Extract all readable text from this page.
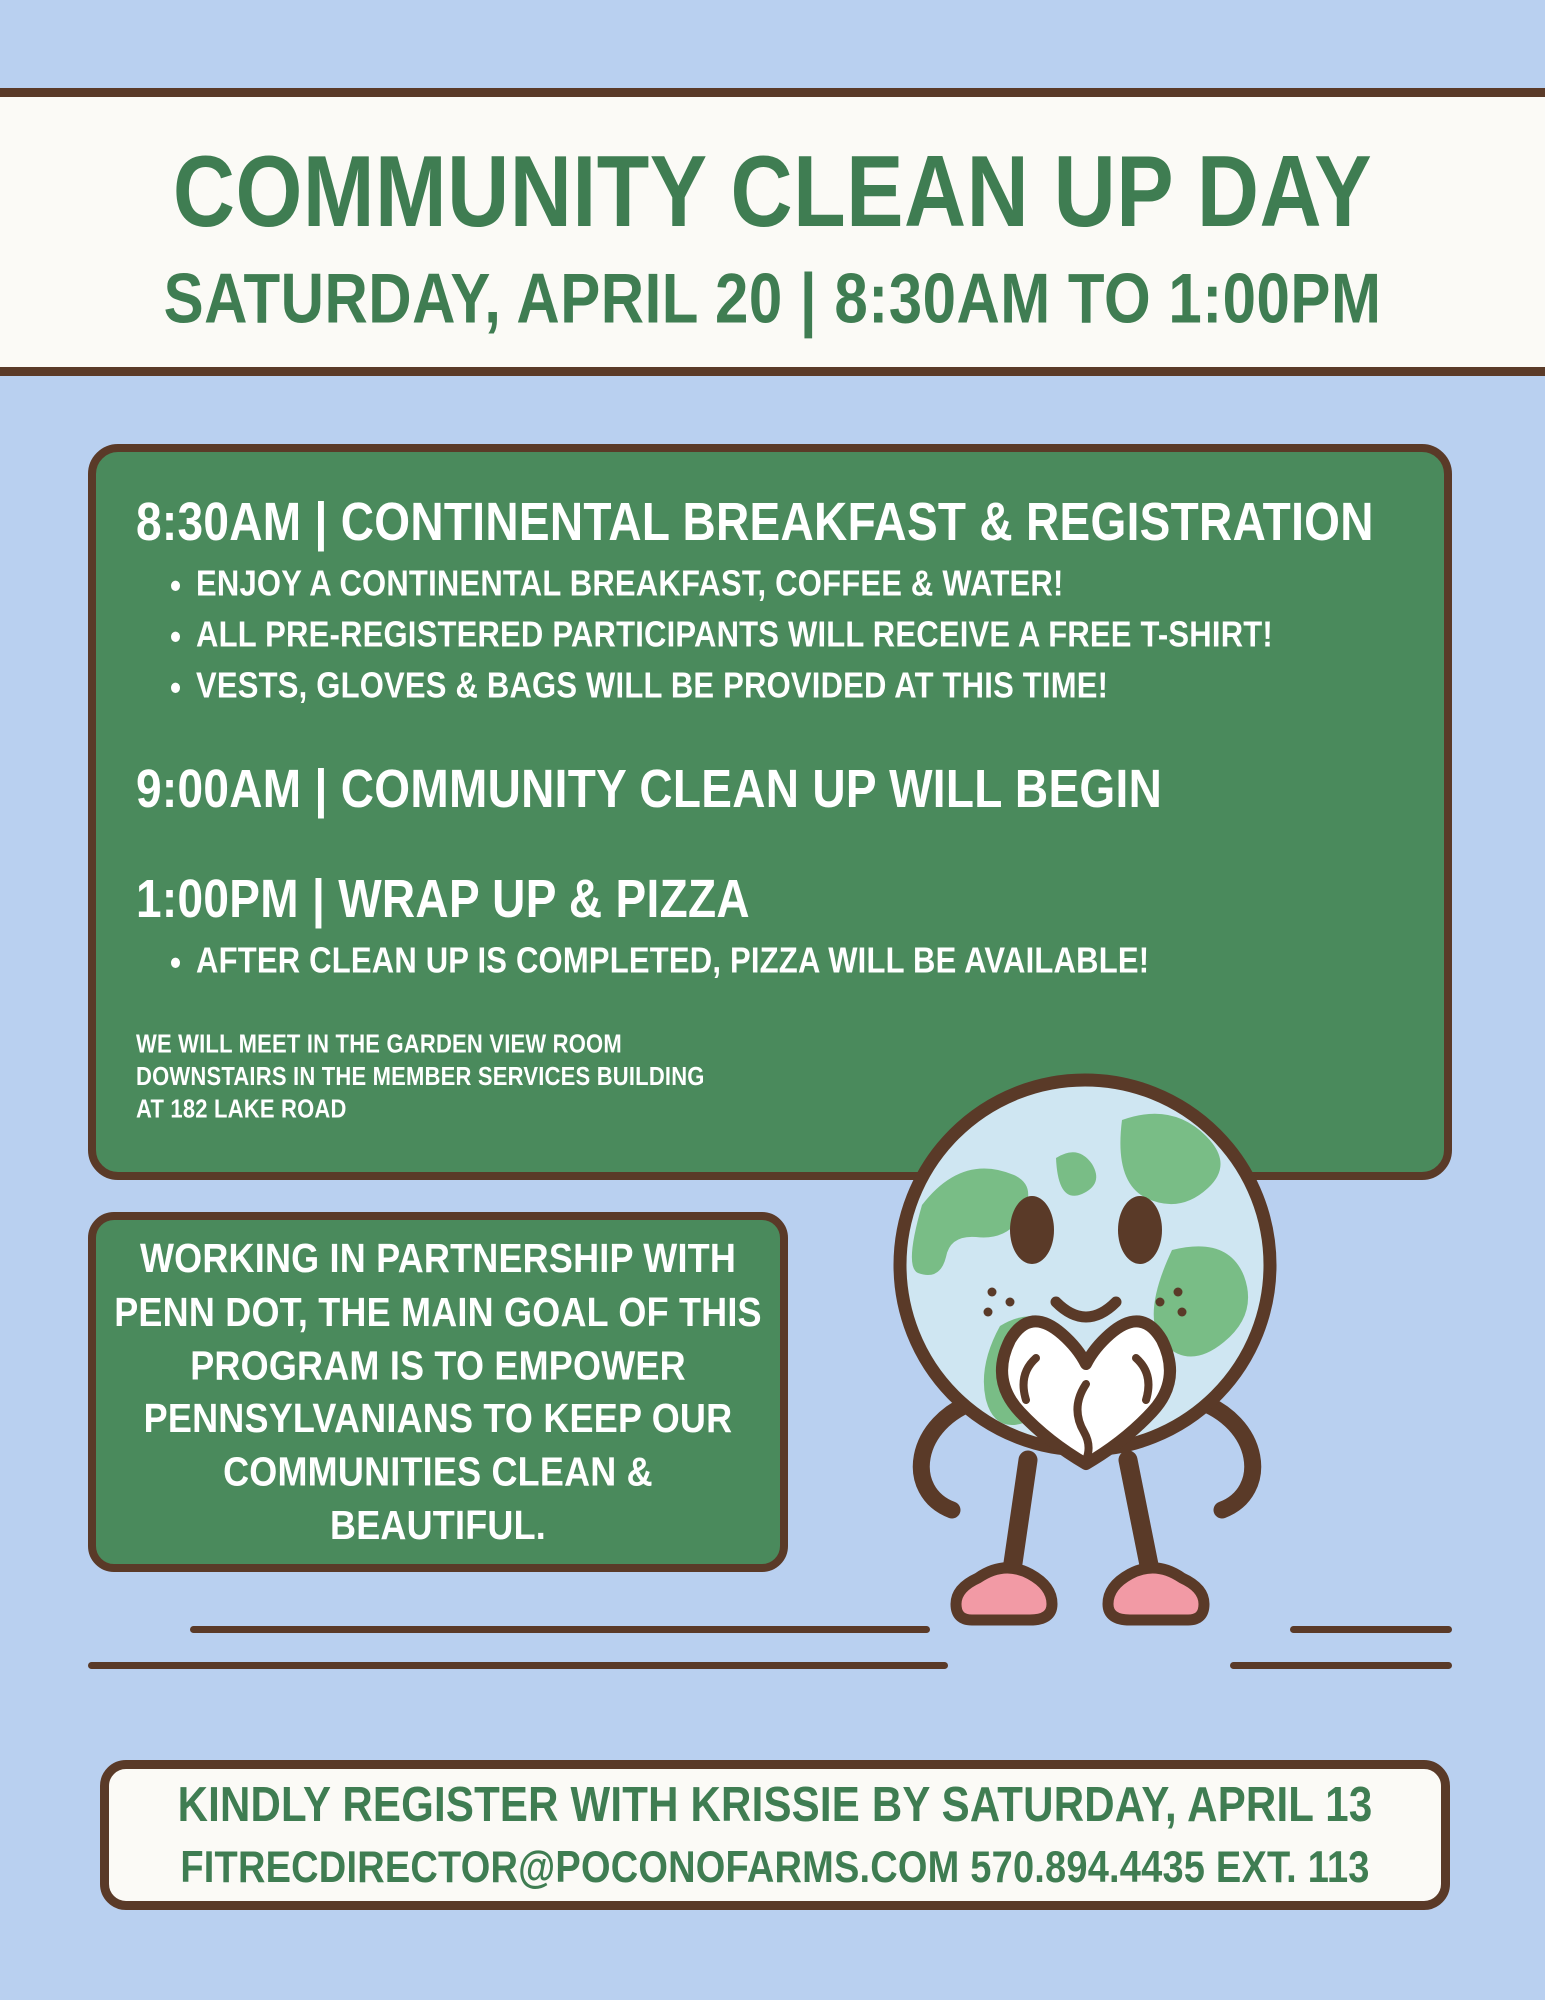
COMMUNITY CLEAN UP DAY
SATURDAY, APRIL 20 | 8:30AM TO 1:00PM
8:30AM | CONTINENTAL BREAKFAST & REGISTRATION
• ENJOY A CONTINENTAL BREAKFAST, COFFEE & WATER!
• ALL PRE-REGISTERED PARTICIPANTS WILL RECEIVE A FREE T-SHIRT!
• VESTS, GLOVES & BAGS WILL BE PROVIDED AT THIS TIME!
9:00AM | COMMUNITY CLEAN UP WILL BEGIN
1:00PM | WRAP UP & PIZZA
• AFTER CLEAN UP IS COMPLETED, PIZZA WILL BE AVAILABLE!
WE WILL MEET IN THE GARDEN VIEW ROOM
DOWNSTAIRS IN THE MEMBER SERVICES BUILDING
AT 182 LAKE ROAD
WORKING IN PARTNERSHIP WITH PENN DOT, THE MAIN GOAL OF THIS PROGRAM IS TO EMPOWER PENNSYLVANIANS TO KEEP OUR COMMUNITIES CLEAN & BEAUTIFUL.
KINDLY REGISTER WITH KRISSIE BY SATURDAY, APRIL 13
FITRECDIRECTOR@POCONOFARMS.COM 570.894.4435 EXT. 113
